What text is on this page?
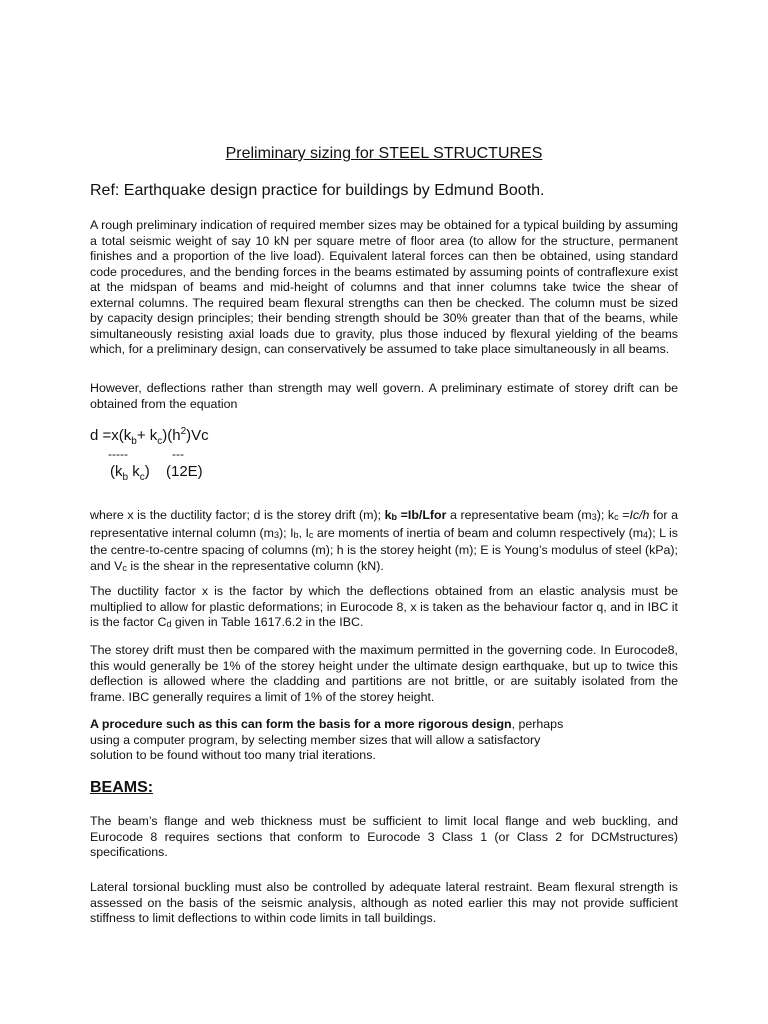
Preliminary sizing for STEEL STRUCTURES
Ref: Earthquake design practice for buildings by Edmund Booth.

A rough preliminary indication of required member sizes may be obtained for a typical building by assuming a total seismic weight of say 10 kN per square metre of floor area (to allow for the structure, permanent finishes and a proportion of the live load). Equivalent lateral forces can then be obtained, using standard code procedures, and the bending forces in the beams estimated by assuming points of contraflexure exist at the midspan of beams and mid-height of columns and that inner columns take twice the shear of external columns. The required beam flexural strengths can then be checked. The column must be sized by capacity design principles; their bending strength should be 30% greater than that of the beams, while simultaneously resisting axial loads due to gravity, plus those induced by flexural yielding of the beams which, for a preliminary design, can conservatively be assumed to take place simultaneously in all beams.

However, deflections rather than strength may well govern. A preliminary estimate of storey drift can be obtained from the equation

$d =x(k_b+ k_c)(h^2)Vc$
-----	---
($k_b$ $k_c$) (12E)

where x is the ductility factor; d is the storey drift (m); kb =Ib/Lfor a representative beam (m3); kc =Ic/h for a representative internal column (m3); Ib, Ic are moments of inertia of beam and column respectively (m4); L is the centre-to-centre spacing of columns (m); h is the storey height (m); E is Young’s modulus of steel (kPa); and Vc is the shear in the representative column (kN).

The ductility factor x is the factor by which the deflections obtained from an elastic analysis must be multiplied to allow for plastic deformations; in Eurocode 8, x is taken as the behaviour factor q, and in IBC it is the factor Cd given in Table 1617.6.2 in the IBC.

The storey drift must then be compared with the maximum permitted in the governing code. In Eurocode8, this would generally be 1% of the storey height under the ultimate design earthquake, but up to twice this deflection is allowed where the cladding and partitions are not brittle, or are suitably isolated from the frame. IBC generally requires a limit of 1% of the storey height.

A procedure such as this can form the basis for a more rigorous design, perhaps
using a computer program, by selecting member sizes that will allow a satisfactory
solution to be found without too many trial iterations.
BEAMS:

The beam’s flange and web thickness must be sufficient to limit local flange and web buckling, and Eurocode 8 requires sections that conform to Eurocode 3 Class 1 (or Class 2 for DCMstructures) specifications.

Lateral torsional buckling must also be controlled by adequate lateral restraint. Beam flexural strength is assessed on the basis of the seismic analysis, although as noted earlier this may not provide sufficient stiffness to limit deflections to within code limits in tall buildings.
